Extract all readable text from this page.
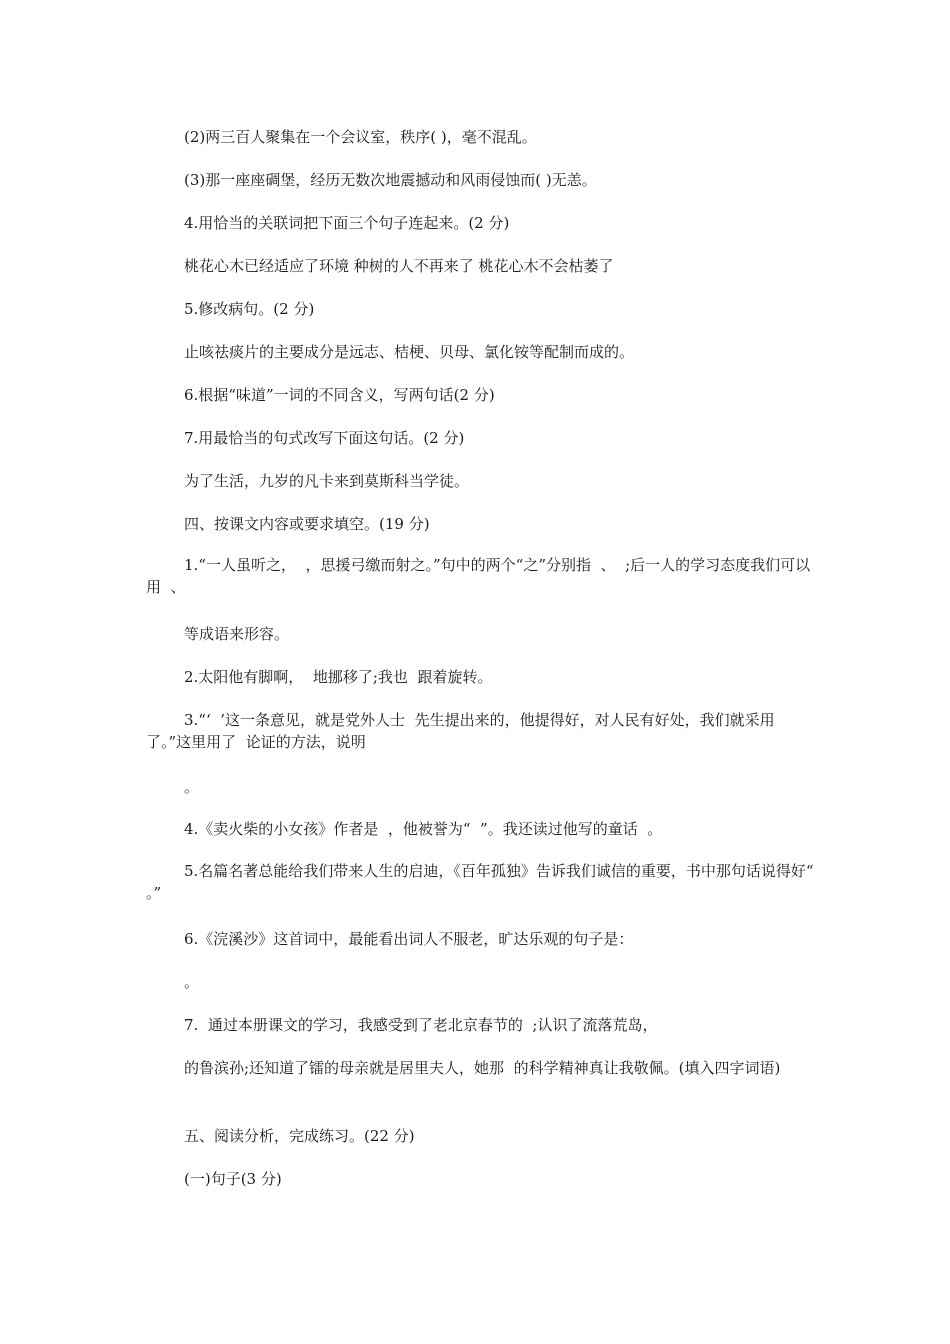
(2)两三百人聚集在一个会议室，秩序( )，毫不混乱。

(3)那一座座碉堡，经历无数次地震撼动和风雨侵蚀而( )无恙。

4.用恰当的关联词把下面三个句子连起来。(2 分)

桃花心木已经适应了环境 种树的人不再来了 桃花心木不会枯萎了

5.修改病句。(2 分)

止咳祛痰片的主要成分是远志、桔梗、贝母、氯化铵等配制而成的。

6.根据“味道”一词的不同含义，写两句话(2 分)

7.用最恰当的句式改写下面这句话。(2 分)

为了生活，九岁的凡卡来到莫斯科当学徒。

四、按课文内容或要求填空。(19 分)

1.“一人虽听之，  ，思援弓缴而射之。”句中的两个“之”分别指  、  ;后一人的学习态度我们可以用  、

等成语来形容。

2.太阳他有脚啊，  地挪移了;我也  跟着旋转。

3.“‘  ’这一条意见，就是党外人士  先生提出来的，他提得好，对人民有好处，我们就采用了。”这里用了  论证的方法，说明

。

4.《卖火柴的小女孩》作者是  ，他被誉为“  ”。我还读过他写的童话  。

5.名篇名著总能给我们带来人生的启迪，《百年孤独》告诉我们诚信的重要，书中那句话说得好“  。”

6.《浣溪沙》这首词中，最能看出词人不服老，旷达乐观的句子是：

。

7.  通过本册课文的学习，我感受到了老北京春节的  ;认识了流落荒岛，

的鲁滨孙;还知道了镭的母亲就是居里夫人，她那  的科学精神真让我敬佩。(填入四字词语)

五、阅读分析，完成练习。(22 分)

(一)句子(3 分)
